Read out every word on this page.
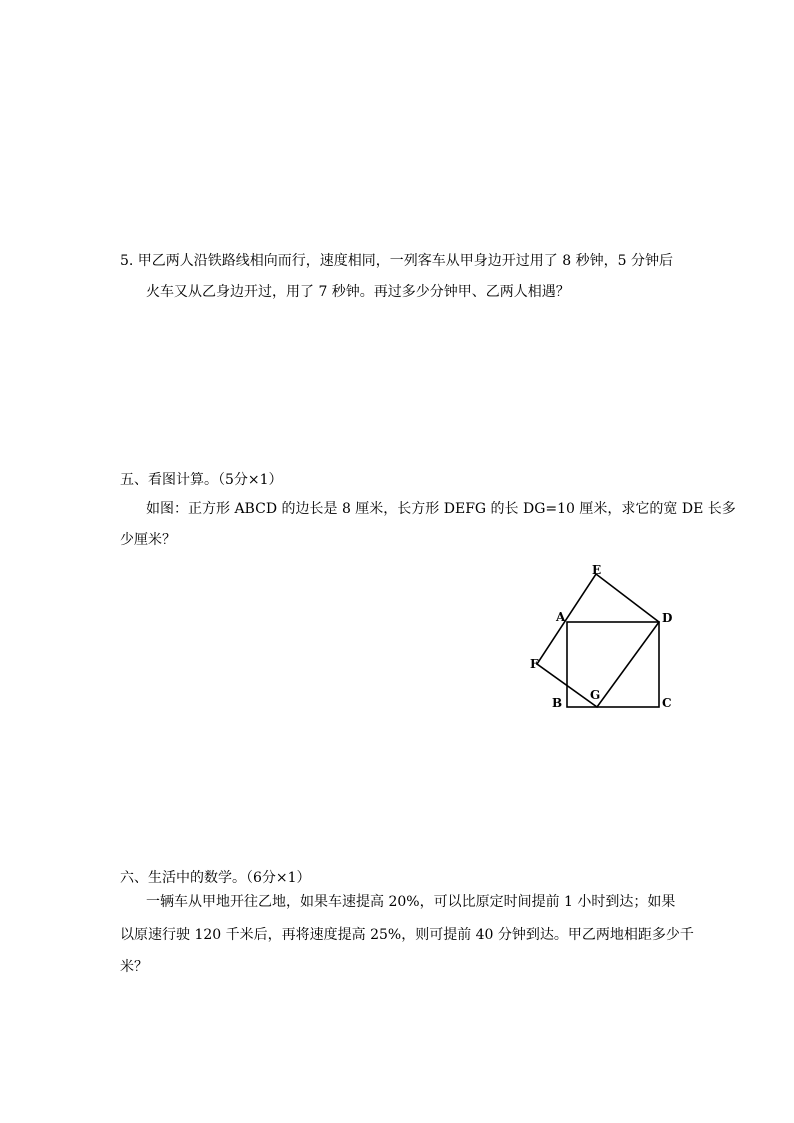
5. 甲乙两人沿铁路线相向而行，速度相同，一列客车从甲身边开过用了 8 秒钟，5 分钟后
火车又从乙身边开过，用了 7 秒钟。再过多少分钟甲、乙两人相遇？
五、看图计算。（5分×1）
如图：正方形 ABCD 的边长是 8 厘米，长方形 DEFG 的长 DG=10 厘米，求它的宽 DE 长多
少厘米？
E
A	D
F
G
B	C
六、生活中的数学。（6分×1）
一辆车从甲地开往乙地，如果车速提高 20%，可以比原定时间提前 1 小时到达；如果
以原速行驶 120 千米后，再将速度提高 25%，则可提前 40 分钟到达。甲乙两地相距多少千
米？
